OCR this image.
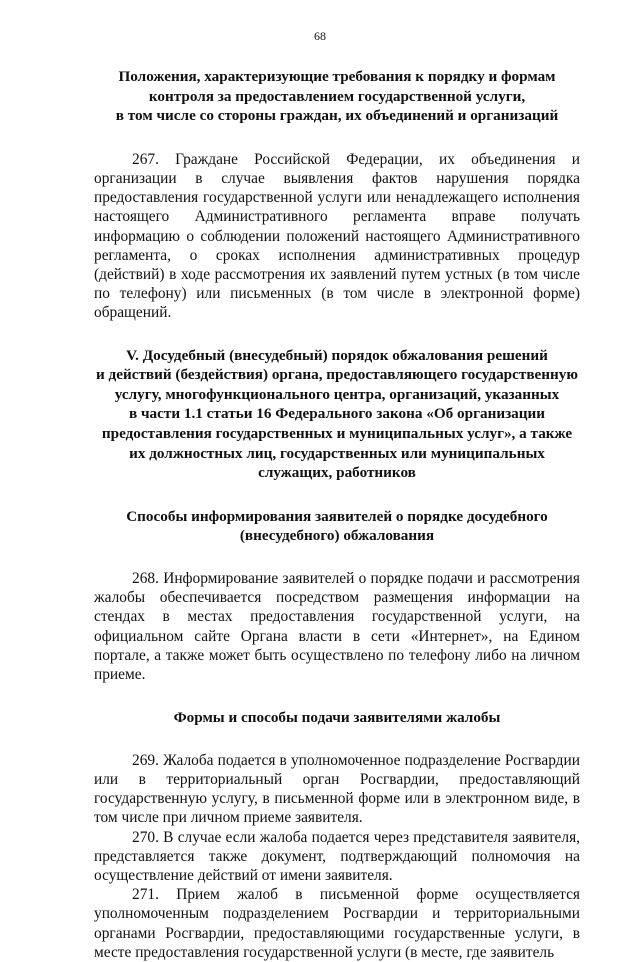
68
Положения, характеризующие требования к порядку и формам
контроля за предоставлением государственной услуги,
в том числе со стороны граждан, их объединений и организаций

267. Граждане Российской Федерации, их объединения и организации в случае выявления фактов нарушения порядка предоставления государственной услуги или ненадлежащего исполнения настоящего Административного регламента вправе получать информацию о соблюдении положений настоящего Административного регламента, о сроках исполнения административных процедур (действий) в ходе рассмотрения их заявлений путем устных (в том числе по телефону) или письменных (в том числе в электронной форме) обращений.

V. Досудебный (внесудебный) порядок обжалования решений
и действий (бездействия) органа, предоставляющего государственную
услугу, многофункционального центра, организаций, указанных
в части 1.1 статьи 16 Федерального закона «Об организации
предоставления государственных и муниципальных услуг», а также
их должностных лиц, государственных или муниципальных
служащих, работников
Способы информирования заявителей о порядке досудебного
(внесудебного) обжалования

268. Информирование заявителей о порядке подачи и рассмотрения жалобы обеспечивается посредством размещения информации на стендах в местах предоставления государственной услуги, на официальном сайте Органа власти в сети «Интернет», на Едином портале, а также может быть осуществлено по телефону либо на личном приеме.

Формы и способы подачи заявителями жалобы

269. Жалоба подается в уполномоченное подразделение Росгвардии или в территориальный орган Росгвардии, предоставляющий государственную услугу, в письменной форме или в электронном виде, в том числе при личном приеме заявителя.

270. В случае если жалоба подается через представителя заявителя, представляется также документ, подтверждающий полномочия на осуществление действий от имени заявителя.

271. Прием жалоб в письменной форме осуществляется уполномоченным подразделением Росгвардии и территориальными органами Росгвардии, предоставляющими государственные услуги, в месте предоставления государственной услуги (в месте, где заявитель
